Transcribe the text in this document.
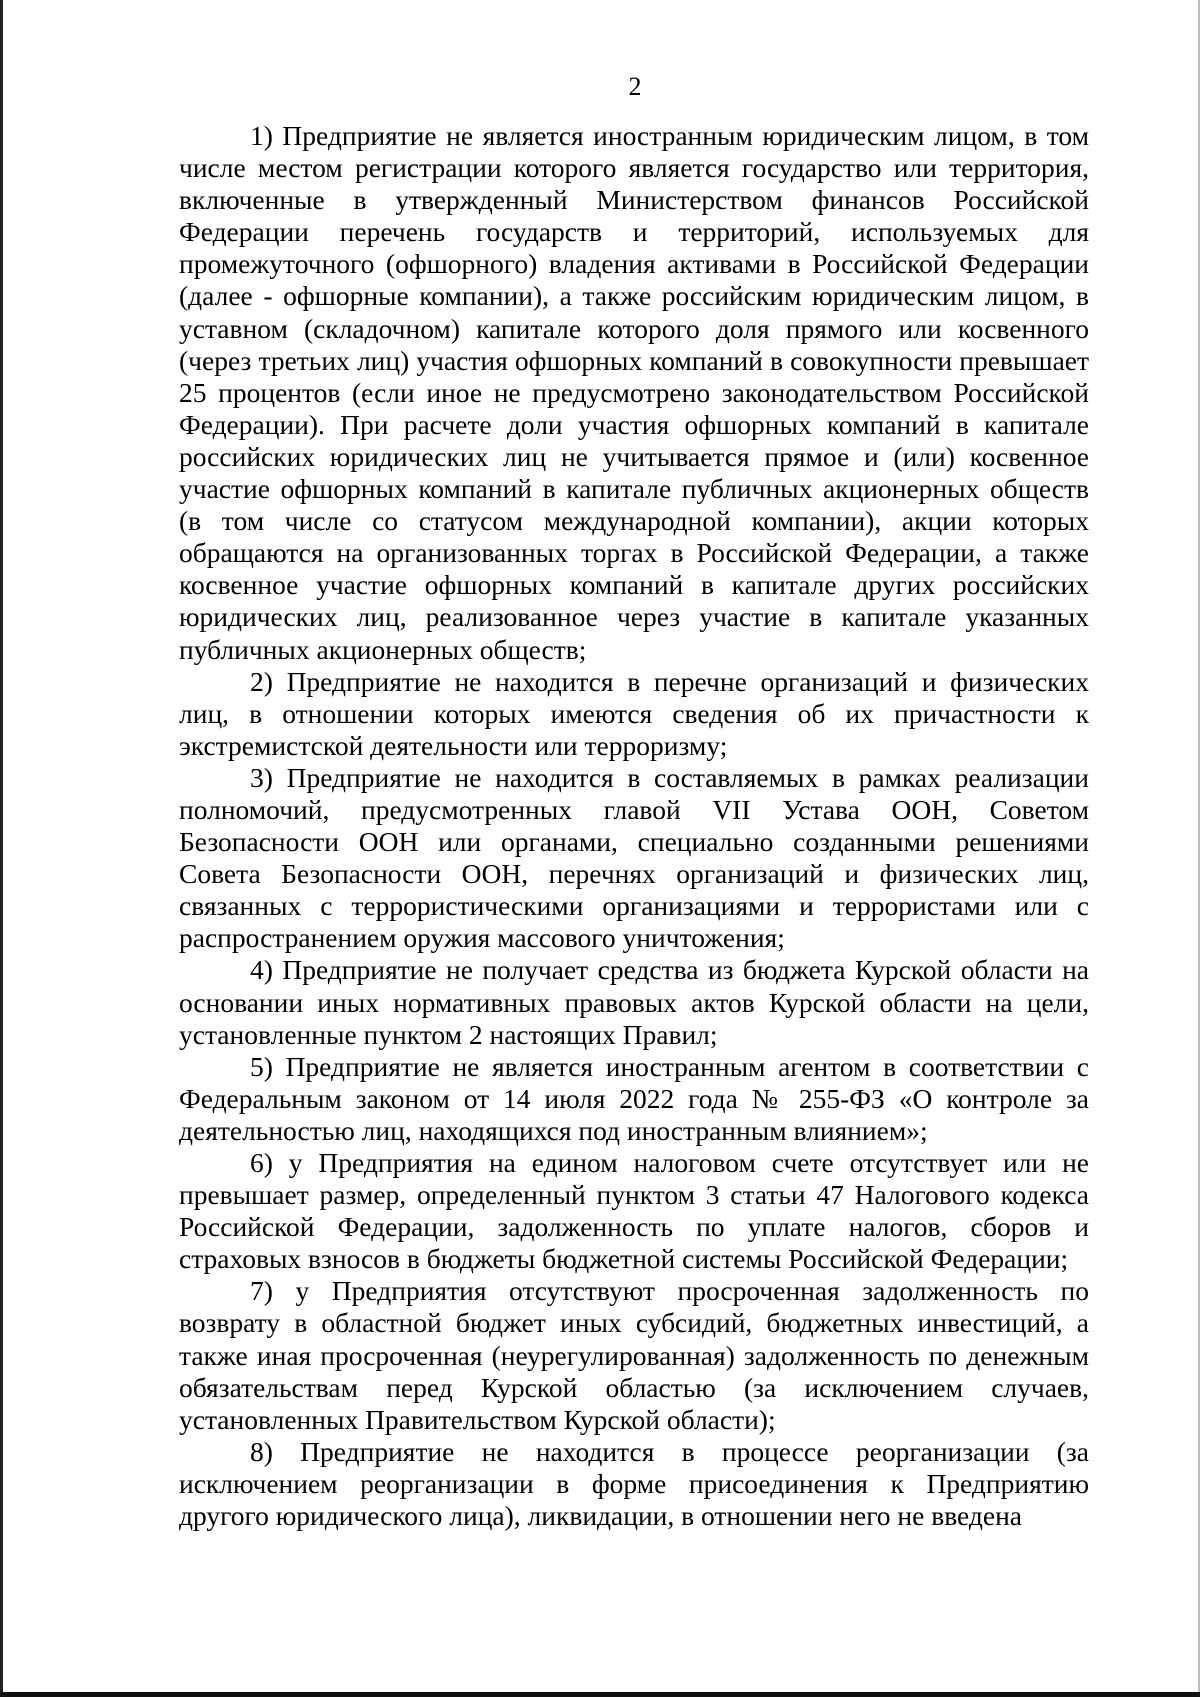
2

1) Предприятие не является иностранным юридическим лицом, в том числе местом регистрации которого является государство или территория, включенные в утвержденный Министерством финансов Российской Федерации перечень государств и территорий, используемых для промежуточного (офшорного) владения активами в Российской Федерации (далее - офшорные компании), а также российским юридическим лицом, в уставном (складочном) капитале которого доля прямого или косвенного (через третьих лиц) участия офшорных компаний в совокупности превышает 25 процентов (если иное не предусмотрено законодательством Российской Федерации). При расчете доли участия офшорных компаний в капитале российских юридических лиц не учитывается прямое и (или) косвенное участие офшорных компаний в капитале публичных акционерных обществ (в том числе со статусом международной компании), акции которых обращаются на организованных торгах в Российской Федерации, а также косвенное участие офшорных компаний в капитале других российских юридических лиц, реализованное через участие в капитале указанных публичных акционерных обществ;

2) Предприятие не находится в перечне организаций и физических лиц, в отношении которых имеются сведения об их причастности к экстремистской деятельности или терроризму;

3) Предприятие не находится в составляемых в рамках реализации полномочий, предусмотренных главой VII Устава ООН, Советом Безопасности ООН или органами, специально созданными решениями Совета Безопасности ООН, перечнях организаций и физических лиц, связанных с террористическими организациями и террористами или с распространением оружия массового уничтожения;

4) Предприятие не получает средства из бюджета Курской области на основании иных нормативных правовых актов Курской области на цели, установленные пунктом 2 настоящих Правил;

5) Предприятие не является иностранным агентом в соответствии с Федеральным законом от 14 июля 2022 года № 255-ФЗ «О контроле за деятельностью лиц, находящихся под иностранным влиянием»;

6) у Предприятия на едином налоговом счете отсутствует или не превышает размер, определенный пунктом 3 статьи 47 Налогового кодекса Российской Федерации, задолженность по уплате налогов, сборов и страховых взносов в бюджеты бюджетной системы Российской Федерации;

7) у Предприятия отсутствуют просроченная задолженность по возврату в областной бюджет иных субсидий, бюджетных инвестиций, а также иная просроченная (неурегулированная) задолженность по денежным обязательствам перед Курской областью (за исключением случаев, установленных Правительством Курской области);

8) Предприятие не находится в процессе реорганизации (за исключением реорганизации в форме присоединения к Предприятию другого юридического лица), ликвидации, в отношении него не введена
